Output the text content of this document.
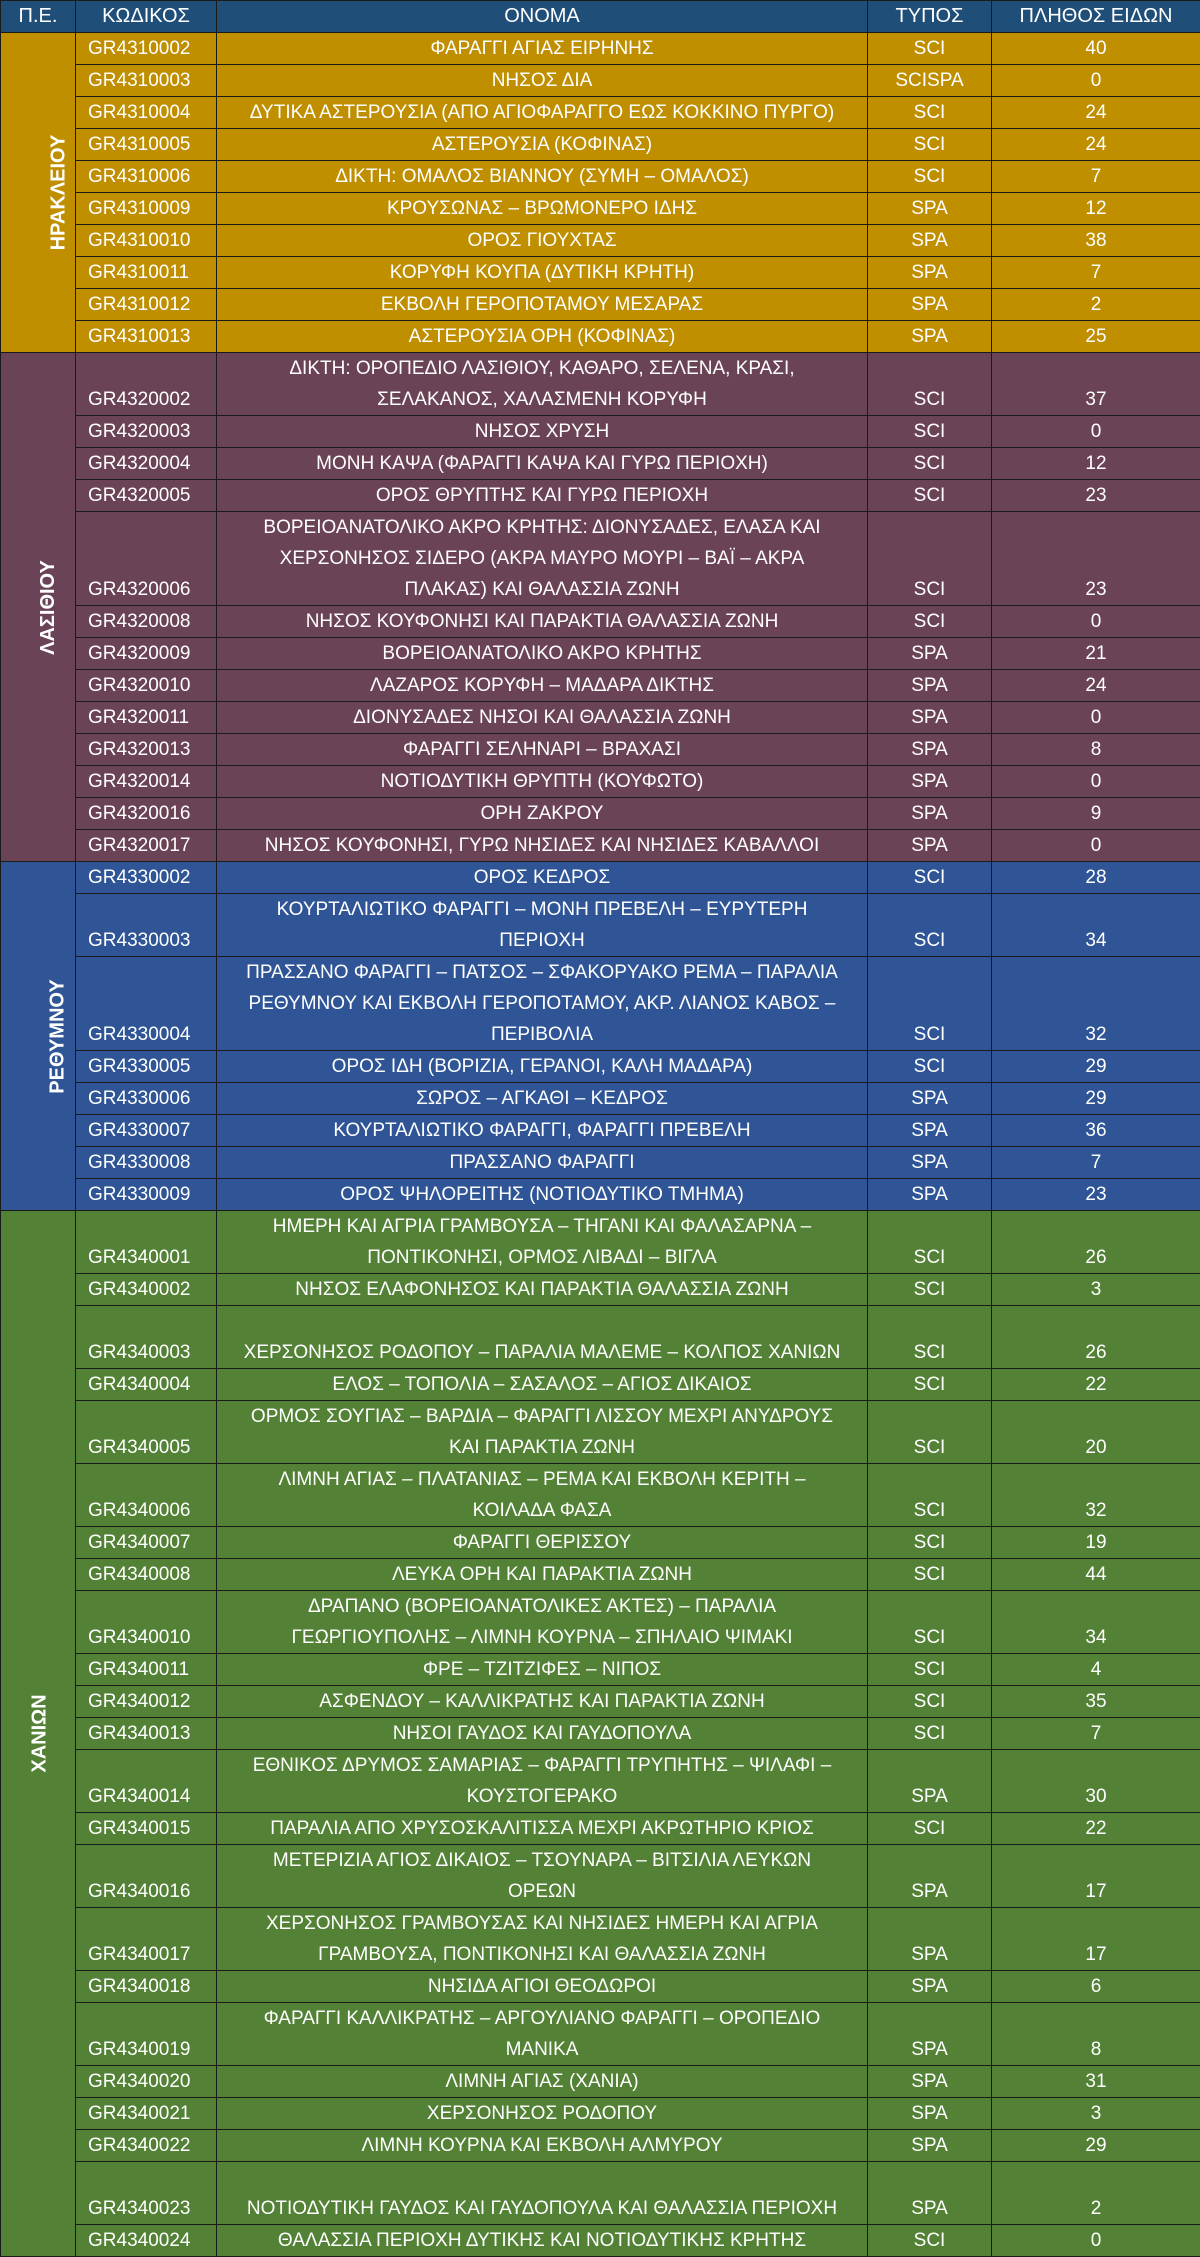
Π.Ε.	ΚΩΔΙΚΟΣ	ΟΝΟΜΑ	ΤΥΠΟΣ	ΠΛΗΘΟΣ ΕΙΔΩΝ
ΗΡΑΚΛΕΙΟΥ	GR4310002	ΦΑΡΑΓΓΙ ΑΓΙΑΣ ΕΙΡΗΝΗΣ	SCI	40
	GR4310003	ΝΗΣΟΣ ΔΙΑ	SCISPA	0
	GR4310004	ΔΥΤΙΚΑ ΑΣΤΕΡΟΥΣΙΑ (ΑΠΟ ΑΓΙΟΦΑΡΑΓΓΟ ΕΩΣ ΚΟΚΚΙΝΟ ΠΥΡΓΟ)	SCI	24
	GR4310005	ΑΣΤΕΡΟΥΣΙΑ (ΚΟΦΙΝΑΣ)	SCI	24
	GR4310006	ΔΙΚΤΗ: ΟΜΑΛΟΣ ΒΙΑΝΝΟΥ (ΣΥΜΗ – ΟΜΑΛΟΣ)	SCI	7
	GR4310009	ΚΡΟΥΣΩΝΑΣ – ΒΡΩΜΟΝΕΡΟ ΙΔΗΣ	SPA	12
	GR4310010	ΟΡΟΣ ΓΙΟΥΧΤΑΣ	SPA	38
	GR4310011	ΚΟΡΥΦΗ ΚΟΥΠΑ (ΔΥΤΙΚΗ ΚΡΗΤΗ)	SPA	7
	GR4310012	ΕΚΒΟΛΗ ΓΕΡΟΠΟΤΑΜΟΥ ΜΕΣΑΡΑΣ	SPA	2
	GR4310013	ΑΣΤΕΡΟΥΣΙΑ ΟΡΗ (ΚΟΦΙΝΑΣ)	SPA	25
ΛΑΣΙΘΙΟΥ	GR4320002	ΔΙΚΤΗ: ΟΡΟΠΕΔΙΟ ΛΑΣΙΘΙΟΥ, ΚΑΘΑΡΟ, ΣΕΛΕΝΑ, ΚΡΑΣΙ,
ΣΕΛΑΚΑΝΟΣ, ΧΑΛΑΣΜΕΝΗ ΚΟΡΥΦΗ	SCI	37
	GR4320003	ΝΗΣΟΣ ΧΡΥΣΗ	SCI	0
	GR4320004	ΜΟΝΗ ΚΑΨΑ (ΦΑΡΑΓΓΙ ΚΑΨΑ ΚΑΙ ΓΥΡΩ ΠΕΡΙΟΧΗ)	SCI	12
	GR4320005	ΟΡΟΣ ΘΡΥΠΤΗΣ ΚΑΙ ΓΥΡΩ ΠΕΡΙΟΧΗ	SCI	23
	GR4320006	ΒΟΡΕΙΟΑΝΑΤΟΛΙΚΟ ΑΚΡΟ ΚΡΗΤΗΣ: ΔΙΟΝΥΣΑΔΕΣ, ΕΛΑΣΑ ΚΑΙ
ΧΕΡΣΟΝΗΣΟΣ ΣΙΔΕΡΟ (ΑΚΡΑ ΜΑΥΡΟ ΜΟΥΡΙ – ΒΑΪ – ΑΚΡΑ
ΠΛΑΚΑΣ) ΚΑΙ ΘΑΛΑΣΣΙΑ ΖΩΝΗ	SCI	23
	GR4320008	ΝΗΣΟΣ ΚΟΥΦΟΝΗΣΙ ΚΑΙ ΠΑΡΑΚΤΙΑ ΘΑΛΑΣΣΙΑ ΖΩΝΗ	SCI	0
	GR4320009	ΒΟΡΕΙΟΑΝΑΤΟΛΙΚΟ ΑΚΡΟ ΚΡΗΤΗΣ	SPA	21
	GR4320010	ΛΑΖΑΡΟΣ ΚΟΡΥΦΗ – ΜΑΔΑΡΑ ΔΙΚΤΗΣ	SPA	24
	GR4320011	ΔΙΟΝΥΣΑΔΕΣ ΝΗΣΟΙ ΚΑΙ ΘΑΛΑΣΣΙΑ ΖΩΝΗ	SPA	0
	GR4320013	ΦΑΡΑΓΓΙ ΣΕΛΗΝΑΡΙ – ΒΡΑΧΑΣΙ	SPA	8
	GR4320014	ΝΟΤΙΟΔΥΤΙΚΗ ΘΡΥΠΤΗ (ΚΟΥΦΩΤΟ)	SPA	0
	GR4320016	ΟΡΗ ΖΑΚΡΟΥ	SPA	9
	GR4320017	ΝΗΣΟΣ ΚΟΥΦΟΝΗΣΙ, ΓΥΡΩ ΝΗΣΙΔΕΣ ΚΑΙ ΝΗΣΙΔΕΣ ΚΑΒΑΛΛΟΙ	SPA	0
ΡΕΘΥΜΝΟΥ	GR4330002	ΟΡΟΣ ΚΕΔΡΟΣ	SCI	28
	GR4330003	ΚΟΥΡΤΑΛΙΩΤΙΚΟ ΦΑΡΑΓΓΙ – ΜΟΝΗ ΠΡΕΒΕΛΗ – ΕΥΡΥΤΕΡΗ
ΠΕΡΙΟΧΗ	SCI	34
	GR4330004	ΠΡΑΣΣΑΝΟ ΦΑΡΑΓΓΙ – ΠΑΤΣΟΣ – ΣΦΑΚΟΡΥΑΚΟ ΡΕΜΑ – ΠΑΡΑΛΙΑ
ΡΕΘΥΜΝΟΥ ΚΑΙ ΕΚΒΟΛΗ ΓΕΡΟΠΟΤΑΜΟΥ, ΑΚΡ. ΛΙΑΝΟΣ ΚΑΒΟΣ –
ΠΕΡΙΒΟΛΙΑ	SCI	32
	GR4330005	ΟΡΟΣ ΙΔΗ (ΒΟΡΙΖΙΑ, ΓΕΡΑΝΟΙ, ΚΑΛΗ ΜΑΔΑΡΑ)	SCI	29
	GR4330006	ΣΩΡΟΣ – ΑΓΚΑΘΙ – ΚΕΔΡΟΣ	SPA	29
	GR4330007	ΚΟΥΡΤΑΛΙΩΤΙΚΟ ΦΑΡΑΓΓΙ, ΦΑΡΑΓΓΙ ΠΡΕΒΕΛΗ	SPA	36
	GR4330008	ΠΡΑΣΣΑΝΟ ΦΑΡΑΓΓΙ	SPA	7
	GR4330009	ΟΡΟΣ ΨΗΛΟΡΕΙΤΗΣ (ΝΟΤΙΟΔΥΤΙΚΟ ΤΜΗΜΑ)	SPA	23
ΧΑΝΙΩΝ	GR4340001	ΗΜΕΡΗ ΚΑΙ ΑΓΡΙΑ ΓΡΑΜΒΟΥΣΑ – ΤΗΓΑΝΙ ΚΑΙ ΦΑΛΑΣΑΡΝΑ –
ΠΟΝΤΙΚΟΝΗΣΙ, ΟΡΜΟΣ ΛΙΒΑΔΙ – ΒΙΓΛΑ	SCI	26
	GR4340002	ΝΗΣΟΣ ΕΛΑΦΟΝΗΣΟΣ ΚΑΙ ΠΑΡΑΚΤΙΑ ΘΑΛΑΣΣΙΑ ΖΩΝΗ	SCI	3
	GR4340003	ΧΕΡΣΟΝΗΣΟΣ ΡΟΔΟΠΟΥ – ΠΑΡΑΛΙΑ ΜΑΛΕΜΕ – ΚΟΛΠΟΣ ΧΑΝΙΩΝ	SCI	26
	GR4340004	ΕΛΟΣ – ΤΟΠΟΛΙΑ – ΣΑΣΑΛΟΣ – ΑΓΙΟΣ ΔΙΚΑΙΟΣ	SCI	22
	GR4340005	ΟΡΜΟΣ ΣΟΥΓΙΑΣ – ΒΑΡΔΙΑ – ΦΑΡΑΓΓΙ ΛΙΣΣΟΥ ΜΕΧΡΙ ΑΝΥΔΡΟΥΣ
ΚΑΙ ΠΑΡΑΚΤΙΑ ΖΩΝΗ	SCI	20
	GR4340006	ΛΙΜΝΗ ΑΓΙΑΣ – ΠΛΑΤΑΝΙΑΣ – ΡΕΜΑ ΚΑΙ ΕΚΒΟΛΗ ΚΕΡΙΤΗ –
ΚΟΙΛΑΔΑ ΦΑΣΑ	SCI	32
	GR4340007	ΦΑΡΑΓΓΙ ΘΕΡΙΣΣΟΥ	SCI	19
	GR4340008	ΛΕΥΚΑ ΟΡΗ ΚΑΙ ΠΑΡΑΚΤΙΑ ΖΩΝΗ	SCI	44
	GR4340010	ΔΡΑΠΑΝΟ (ΒΟΡΕΙΟΑΝΑΤΟΛΙΚΕΣ ΑΚΤΕΣ) – ΠΑΡΑΛΙΑ
ΓΕΩΡΓΙΟΥΠΟΛΗΣ – ΛΙΜΝΗ ΚΟΥΡΝΑ – ΣΠΗΛΑΙΟ ΨΙΜΑΚΙ	SCI	34
	GR4340011	ΦΡΕ – ΤΖΙΤΖΙΦΕΣ – ΝΙΠΟΣ	SCI	4
	GR4340012	ΑΣΦΕΝΔΟΥ – ΚΑΛΛΙΚΡΑΤΗΣ ΚΑΙ ΠΑΡΑΚΤΙΑ ΖΩΝΗ	SCI	35
	GR4340013	ΝΗΣΟΙ ΓΑΥΔΟΣ ΚΑΙ ΓΑΥΔΟΠΟΥΛΑ	SCI	7
	GR4340014	ΕΘΝΙΚΟΣ ΔΡΥΜΟΣ ΣΑΜΑΡΙΑΣ – ΦΑΡΑΓΓΙ ΤΡΥΠΗΤΗΣ – ΨΙΛΑΦΙ –
ΚΟΥΣΤΟΓΕΡΑΚΟ	SPA	30
	GR4340015	ΠΑΡΑΛΙΑ ΑΠΟ ΧΡΥΣΟΣΚΑΛΙΤΙΣΣΑ ΜΕΧΡΙ ΑΚΡΩΤΗΡΙΟ ΚΡΙΟΣ	SCI	22
	GR4340016	ΜΕΤΕΡΙΖΙΑ ΑΓΙΟΣ ΔΙΚΑΙΟΣ – ΤΣΟΥΝΑΡΑ – ΒΙΤΣΙΛΙΑ ΛΕΥΚΩΝ
ΟΡΕΩΝ	SPA	17
	GR4340017	ΧΕΡΣΟΝΗΣΟΣ ΓΡΑΜΒΟΥΣΑΣ ΚΑΙ ΝΗΣΙΔΕΣ ΗΜΕΡΗ ΚΑΙ ΑΓΡΙΑ
ΓΡΑΜΒΟΥΣΑ, ΠΟΝΤΙΚΟΝΗΣΙ ΚΑΙ ΘΑΛΑΣΣΙΑ ΖΩΝΗ	SPA	17
	GR4340018	ΝΗΣΙΔΑ ΑΓΙΟΙ ΘΕΟΔΩΡΟΙ	SPA	6
	GR4340019	ΦΑΡΑΓΓΙ ΚΑΛΛΙΚΡΑΤΗΣ – ΑΡΓΟΥΛΙΑΝΟ ΦΑΡΑΓΓΙ – ΟΡΟΠΕΔΙΟ
ΜΑΝΙΚΑ	SPA	8
	GR4340020	ΛΙΜΝΗ ΑΓΙΑΣ (ΧΑΝΙΑ)	SPA	31
	GR4340021	ΧΕΡΣΟΝΗΣΟΣ ΡΟΔΟΠΟΥ	SPA	3
	GR4340022	ΛΙΜΝΗ ΚΟΥΡΝΑ ΚΑΙ ΕΚΒΟΛΗ ΑΛΜΥΡΟΥ	SPA	29
	GR4340023	ΝΟΤΙΟΔΥΤΙΚΗ ΓΑΥΔΟΣ ΚΑΙ ΓΑΥΔΟΠΟΥΛΑ ΚΑΙ ΘΑΛΑΣΣΙΑ ΠΕΡΙΟΧΗ	SPA	2
	GR4340024	ΘΑΛΑΣΣΙΑ ΠΕΡΙΟΧΗ ΔΥΤΙΚΗΣ ΚΑΙ ΝΟΤΙΟΔΥΤΙΚΗΣ ΚΡΗΤΗΣ	SCI	0
